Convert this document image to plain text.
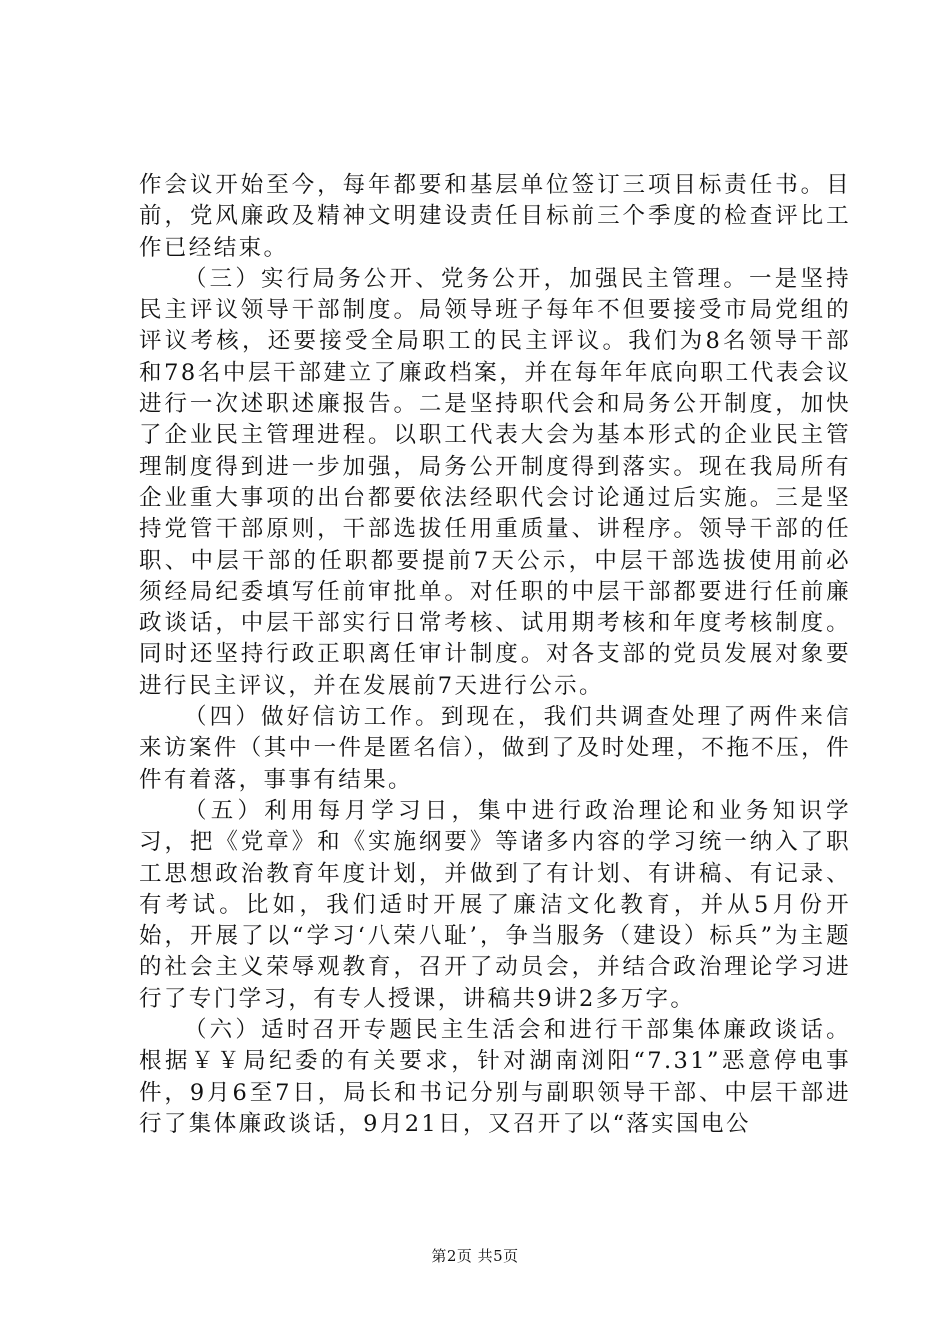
作会议开始至今，每年都要和基层单位签订三项目标责任书。目前，党风廉政及精神文明建设责任目标前三个季度的检查评比工作已经结束。

（三）实行局务公开、党务公开，加强民主管理。一是坚持民主评议领导干部制度。局领导班子每年不但要接受市局党组的评议考核，还要接受全局职工的民主评议。我们为8名领导干部和78名中层干部建立了廉政档案，并在每年年底向职工代表会议进行一次述职述廉报告。二是坚持职代会和局务公开制度，加快了企业民主管理进程。以职工代表大会为基本形式的企业民主管理制度得到进一步加强，局务公开制度得到落实。现在我局所有企业重大事项的出台都要依法经职代会讨论通过后实施。三是坚持党管干部原则，干部选拔任用重质量、讲程序。领导干部的任职、中层干部的任职都要提前7天公示，中层干部选拔使用前必须经局纪委填写任前审批单。对任职的中层干部都要进行任前廉政谈话，中层干部实行日常考核、试用期考核和年度考核制度。同时还坚持行政正职离任审计制度。对各支部的党员发展对象要进行民主评议，并在发展前7天进行公示。

（四）做好信访工作。到现在，我们共调查处理了两件来信来访案件（其中一件是匿名信），做到了及时处理，不拖不压，件件有着落，事事有结果。

（五）利用每月学习日，集中进行政治理论和业务知识学习，把《党章》和《实施纲要》等诸多内容的学习统一纳入了职工思想政治教育年度计划，并做到了有计划、有讲稿、有记录、有考试。比如，我们适时开展了廉洁文化教育，并从5月份开始，开展了以“学习‘八荣八耻’，争当服务（建设）标兵”为主题的社会主义荣辱观教育，召开了动员会，并结合政治理论学习进行了专门学习，有专人授课，讲稿共9讲2多万字。

（六）适时召开专题民主生活会和进行干部集体廉政谈话。根据￥￥局纪委的有关要求，针对湖南浏阳“7.31”恶意停电事件，9月6至7日，局长和书记分别与副职领导干部、中层干部进行了集体廉政谈话，9月21日，又召开了以“落实国电公

第2页 共5页
